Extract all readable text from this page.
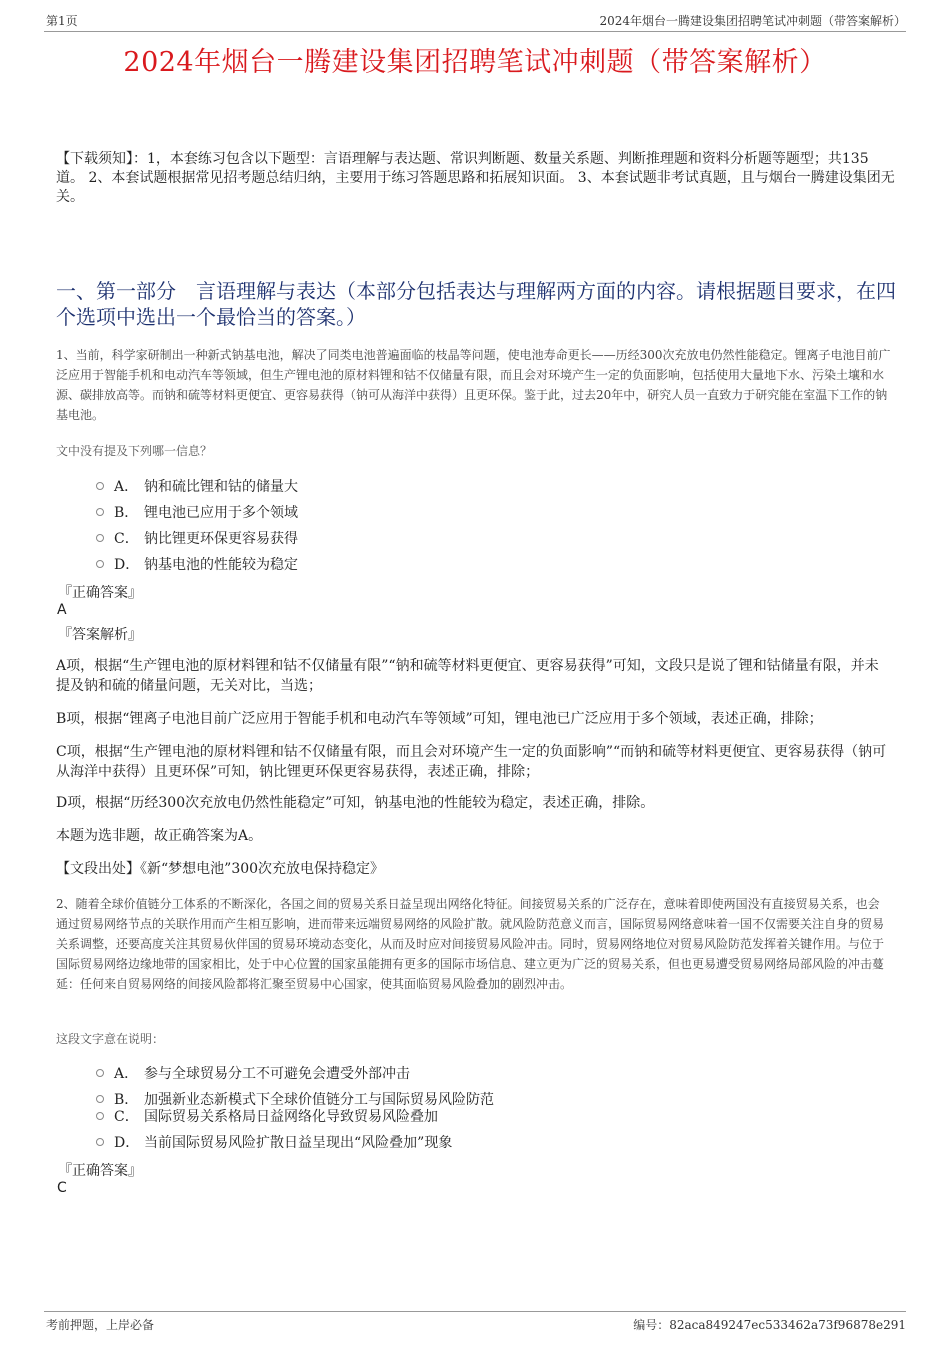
第1页	2024年烟台一腾建设集团招聘笔试冲刺题（带答案解析）
2024年烟台一腾建设集团招聘笔试冲刺题（带答案解析）
【下载须知】：1，本套练习包含以下题型：言语理解与表达题、常识判断题、数量关系题、判断推理题和资料分析题等题型；共135道。 2、本套试题根据常见招考题总结归纳，主要用于练习答题思路和拓展知识面。 3、本套试题非考试真题，且与烟台一腾建设集团无关。
一、第一部分　言语理解与表达（本部分包括表达与理解两方面的内容。请根据题目要求，在四个选项中选出一个最恰当的答案。）
1、当前，科学家研制出一种新式钠基电池，解决了同类电池普遍面临的枝晶等问题，使电池寿命更长——历经300次充放电仍然性能稳定。锂离子电池目前广泛应用于智能手机和电动汽车等领域，但生产锂电池的原材料锂和钴不仅储量有限，而且会对环境产生一定的负面影响，包括使用大量地下水、污染土壤和水源、碳排放高等。而钠和硫等材料更便宜、更容易获得（钠可从海洋中获得）且更环保。鉴于此，过去20年中，研究人员一直致力于研究能在室温下工作的钠基电池。
文中没有提及下列哪一信息？
A． 钠和硫比锂和钴的储量大
B． 锂电池已应用于多个领域
C． 钠比锂更环保更容易获得
D． 钠基电池的性能较为稳定
『正确答案』
A
『答案解析』
A项，根据“生产锂电池的原材料锂和钴不仅储量有限”“钠和硫等材料更便宜、更容易获得”可知，文段只是说了锂和钴储量有限，并未提及钠和硫的储量问题，无关对比，当选；
B项，根据“锂离子电池目前广泛应用于智能手机和电动汽车等领域”可知，锂电池已广泛应用于多个领域，表述正确，排除；
C项，根据“生产锂电池的原材料锂和钴不仅储量有限，而且会对环境产生一定的负面影响”“而钠和硫等材料更便宜、更容易获得（钠可从海洋中获得）且更环保”可知，钠比锂更环保更容易获得，表述正确，排除；
D项，根据“历经300次充放电仍然性能稳定”可知，钠基电池的性能较为稳定，表述正确，排除。
本题为选非题，故正确答案为A。
【文段出处】《新“梦想电池”300次充放电保持稳定》
2、随着全球价值链分工体系的不断深化，各国之间的贸易关系日益呈现出网络化特征。间接贸易关系的广泛存在，意味着即使两国没有直接贸易关系，也会通过贸易网络节点的关联作用而产生相互影响，进而带来远端贸易网络的风险扩散。就风险防范意义而言，国际贸易网络意味着一国不仅需要关注自身的贸易关系调整，还要高度关注其贸易伙伴国的贸易环境动态变化，从而及时应对间接贸易风险冲击。同时，贸易网络地位对贸易风险防范发挥着关键作用。与位于国际贸易网络边缘地带的国家相比，处于中心位置的国家虽能拥有更多的国际市场信息、建立更为广泛的贸易关系，但也更易遭受贸易网络局部风险的冲击蔓延：任何来自贸易网络的间接风险都将汇聚至贸易中心国家，使其面临贸易风险叠加的剧烈冲击。
这段文字意在说明：
A． 参与全球贸易分工不可避免会遭受外部冲击
B． 加强新业态新模式下全球价值链分工与国际贸易风险防范
C． 国际贸易关系格局日益网络化导致贸易风险叠加
D． 当前国际贸易风险扩散日益呈现出“风险叠加”现象
『正确答案』
C
考前押题，上岸必备	编号：82aca849247ec533462a73f96878e291
